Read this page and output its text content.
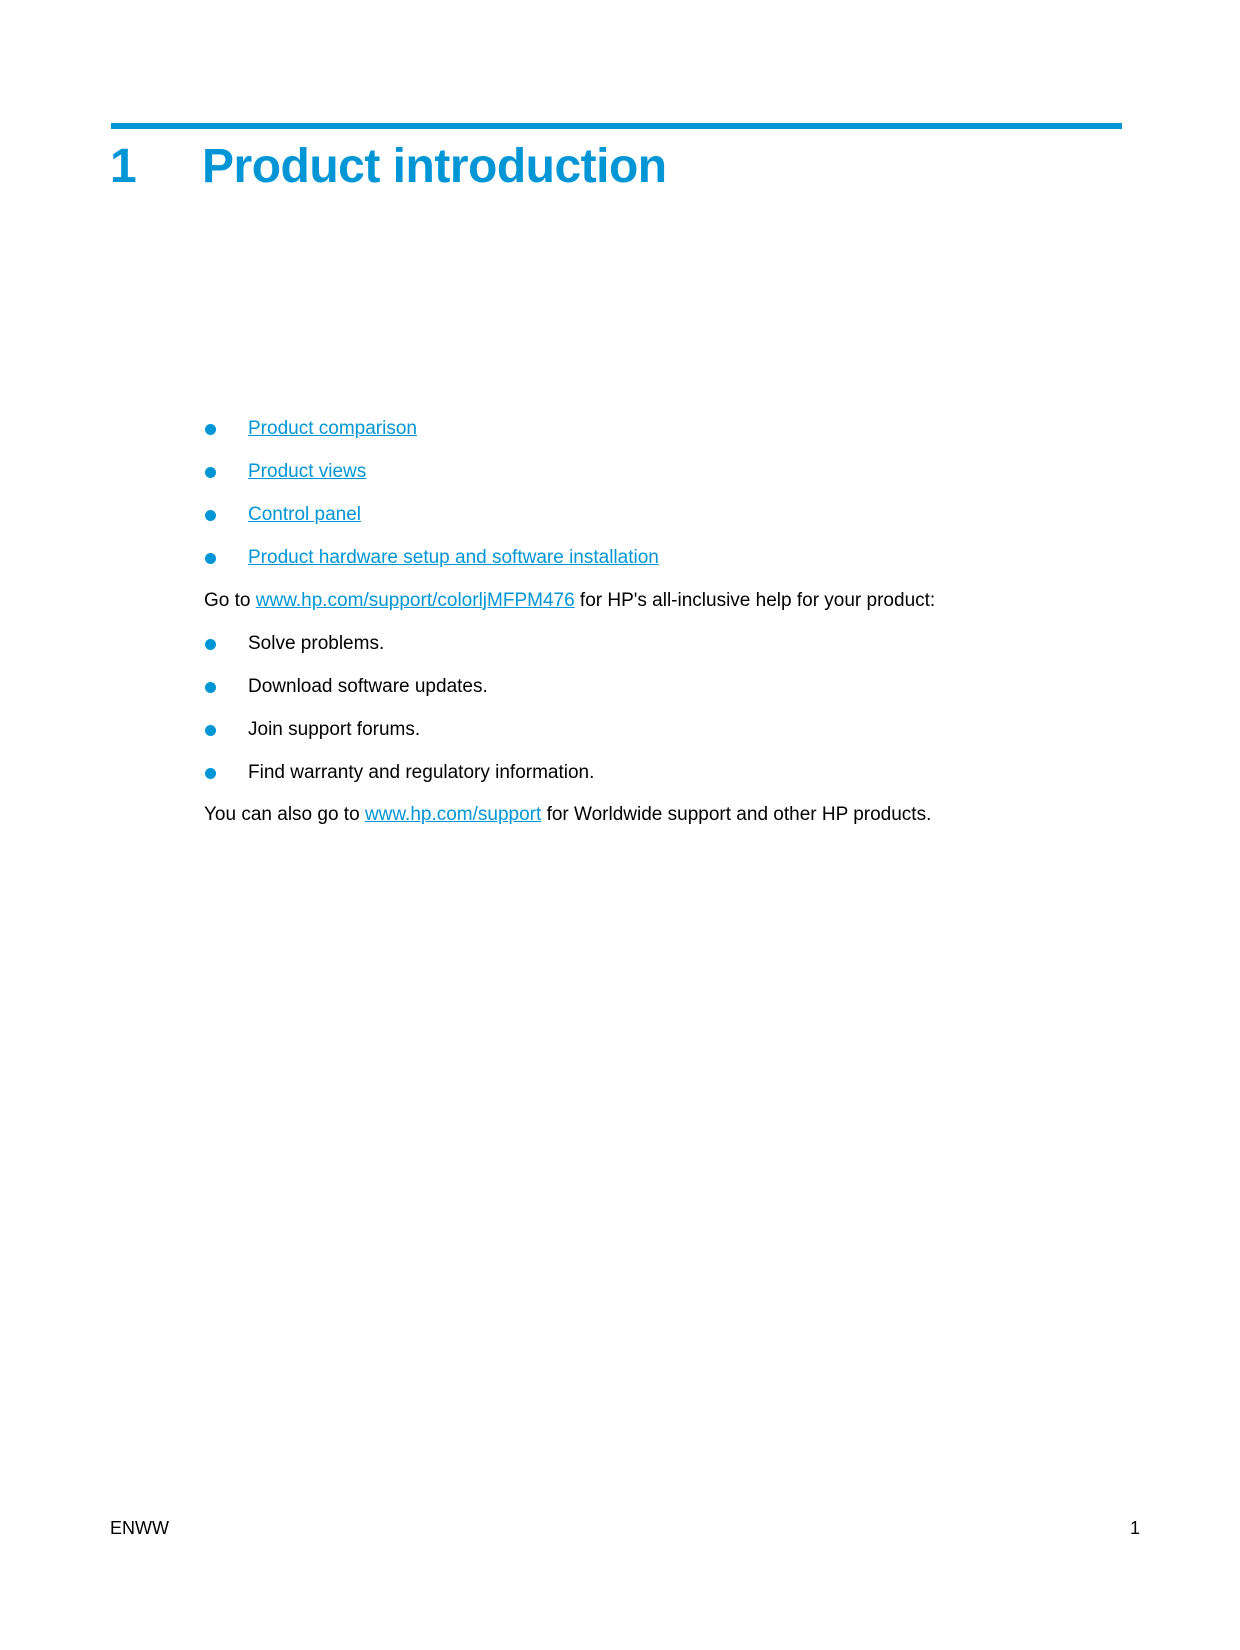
1 Product introduction
Product comparison
Product views
Control panel
Product hardware setup and software installation
Go to www.hp.com/support/colorljMFPM476 for HP's all-inclusive help for your product:
Solve problems.
Download software updates.
Join support forums.
Find warranty and regulatory information.
You can also go to www.hp.com/support for Worldwide support and other HP products.
ENWW	1
